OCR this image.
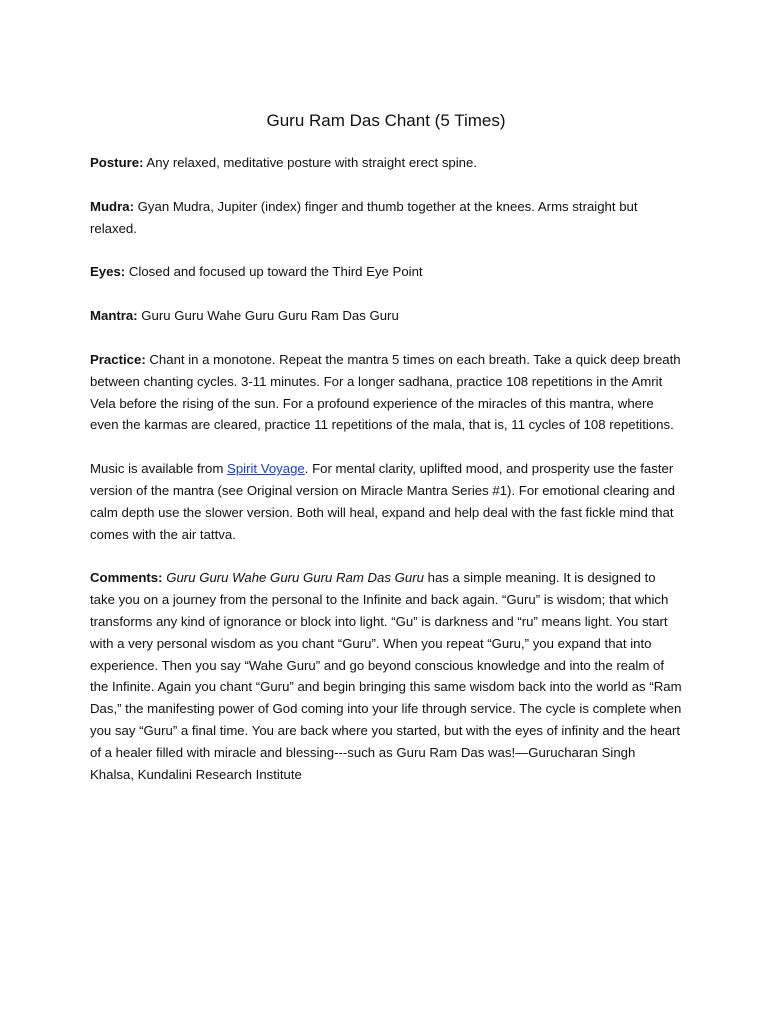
Guru Ram Das Chant (5 Times)

Posture: Any relaxed, meditative posture with straight erect spine.

Mudra: Gyan Mudra, Jupiter (index) finger and thumb together at the knees. Arms straight but relaxed.

Eyes: Closed and focused up toward the Third Eye Point

Mantra: Guru Guru Wahe Guru Guru Ram Das Guru

Practice: Chant in a monotone. Repeat the mantra 5 times on each breath. Take a quick deep breath between chanting cycles. 3-11 minutes. For a longer sadhana, practice 108 repetitions in the Amrit Vela before the rising of the sun. For a profound experience of the miracles of this mantra, where even the karmas are cleared, practice 11 repetitions of the mala, that is, 11 cycles of 108 repetitions.

Music is available from Spirit Voyage. For mental clarity, uplifted mood, and prosperity use the faster version of the mantra (see Original version on Miracle Mantra Series #1). For emotional clearing and calm depth use the slower version. Both will heal, expand and help deal with the fast fickle mind that comes with the air tattva.

Comments: Guru Guru Wahe Guru Guru Ram Das Guru has a simple meaning. It is designed to take you on a journey from the personal to the Infinite and back again. “Guru” is wisdom; that which transforms any kind of ignorance or block into light. “Gu” is darkness and “ru” means light. You start with a very personal wisdom as you chant “Guru”. When you repeat “Guru,” you expand that into experience. Then you say “Wahe Guru” and go beyond conscious knowledge and into the realm of the Infinite. Again you chant “Guru” and begin bringing this same wisdom back into the world as “Ram Das,” the manifesting power of God coming into your life through service. The cycle is complete when you say “Guru” a final time. You are back where you started, but with the eyes of infinity and the heart of a healer filled with miracle and blessing---such as Guru Ram Das was!—Gurucharan Singh Khalsa, Kundalini Research Institute
